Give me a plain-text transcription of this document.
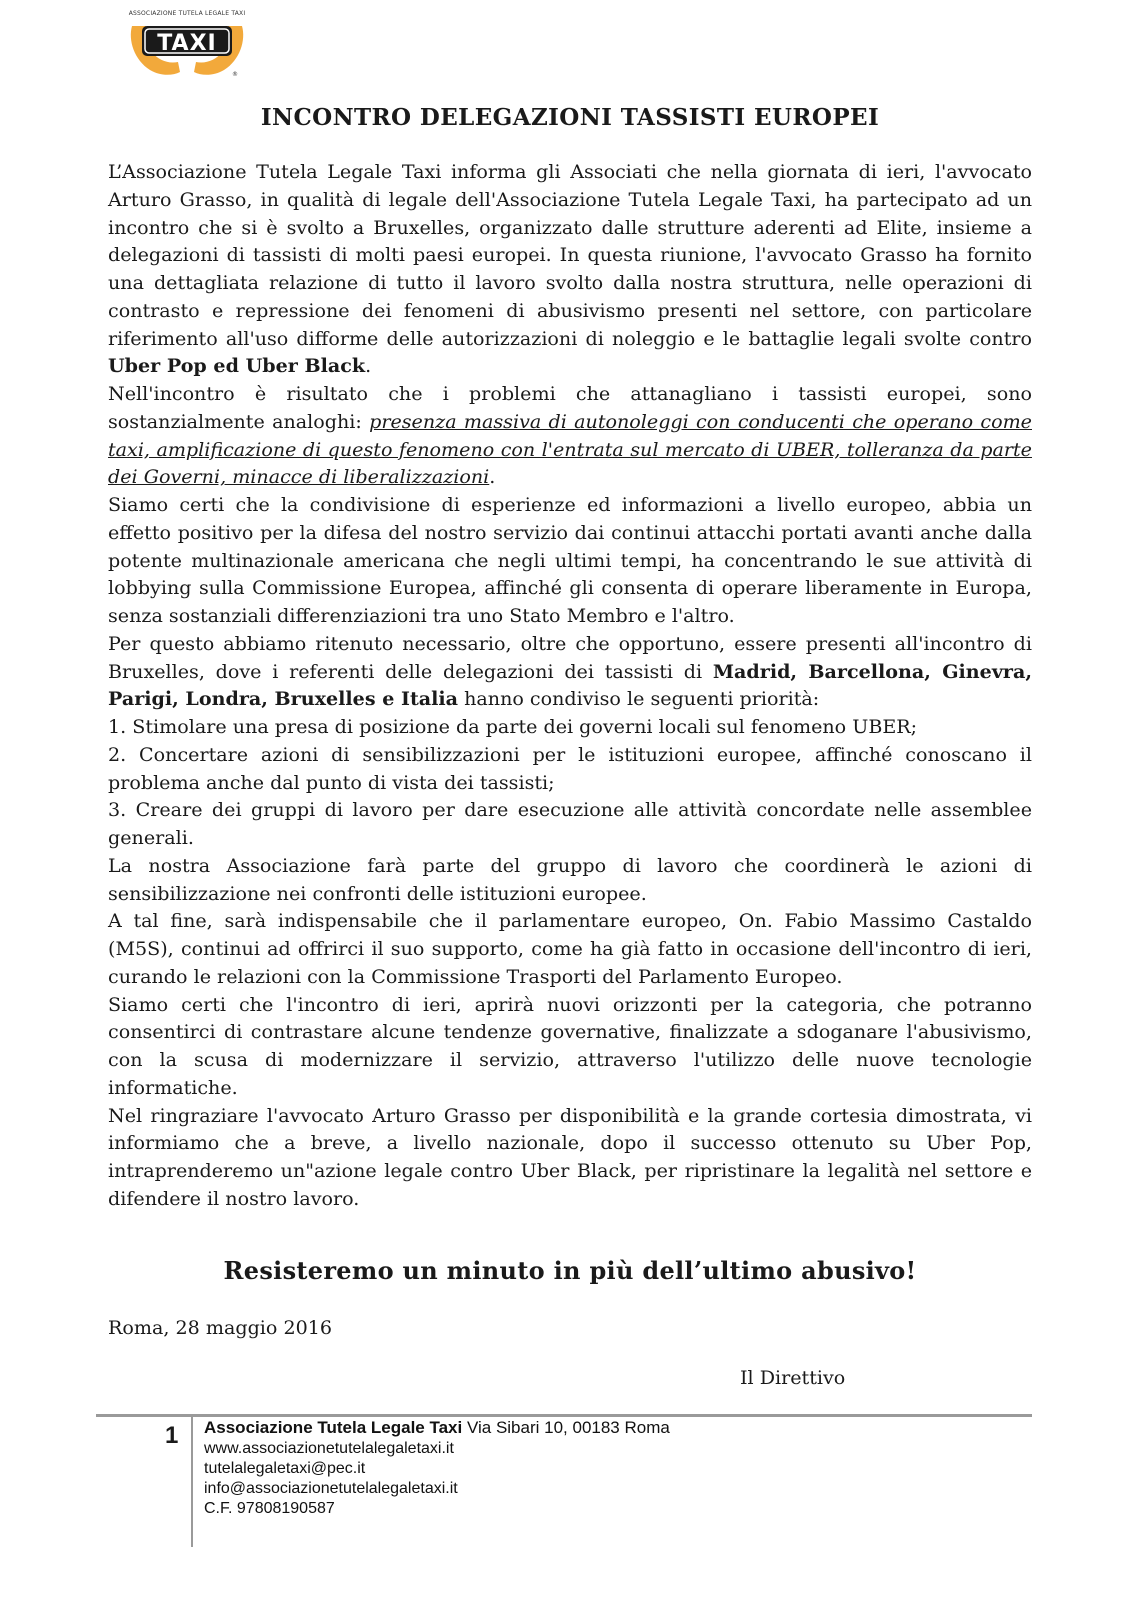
ASSOCIAZIONE TUTELA LEGALE TAXI
TAXI
®
INCONTRO DELEGAZIONI TASSISTI EUROPEI

L’Associazione Tutela Legale Taxi informa gli Associati che nella giornata di ieri, l'avvocato Arturo Grasso, in qualità di legale dell'Associazione Tutela Legale Taxi, ha partecipato ad un incontro che si è svolto a Bruxelles, organizzato dalle strutture aderenti ad Elite, insieme a delegazioni di tassisti di molti paesi europei. In questa riunione, l'avvocato Grasso ha fornito una dettagliata relazione di tutto il lavoro svolto dalla nostra struttura, nelle operazioni di contrasto e repressione dei fenomeni di abusivismo presenti nel settore, con particolare riferimento all'uso difforme delle autorizzazioni di noleggio e le battaglie legali svolte contro Uber Pop ed Uber Black.

Nell'incontro è risultato che i problemi che attanagliano i tassisti europei, sono sostanzialmente analoghi: presenza massiva di autonoleggi con conducenti che operano come taxi, amplificazione di questo fenomeno con l'entrata sul mercato di UBER, tolleranza da parte dei Governi, minacce di liberalizzazioni.

Siamo certi che la condivisione di esperienze ed informazioni a livello europeo, abbia un effetto positivo per la difesa del nostro servizio dai continui attacchi portati avanti anche dalla potente multinazionale americana che negli ultimi tempi, ha concentrando le sue attività di lobbying sulla Commissione Europea, affinché gli consenta di operare liberamente in Europa, senza sostanziali differenziazioni tra uno Stato Membro e l'altro.

Per questo abbiamo ritenuto necessario, oltre che opportuno, essere presenti all'incontro di Bruxelles, dove i referenti delle delegazioni dei tassisti di Madrid, Barcellona, Ginevra, Parigi, Londra, Bruxelles e Italia hanno condiviso le seguenti priorità:

1. Stimolare una presa di posizione da parte dei governi locali sul fenomeno UBER;

2. Concertare azioni di sensibilizzazioni per le istituzioni europee, affinché conoscano il problema anche dal punto di vista dei tassisti;

3. Creare dei gruppi di lavoro per dare esecuzione alle attività concordate nelle assemblee generali.

La nostra Associazione farà parte del gruppo di lavoro che coordinerà le azioni di sensibilizzazione nei confronti delle istituzioni europee.

A tal fine, sarà indispensabile che il parlamentare europeo, On. Fabio Massimo Castaldo (M5S), continui ad offrirci il suo supporto, come ha già fatto in occasione dell'incontro di ieri, curando le relazioni con la Commissione Trasporti del Parlamento Europeo.

Siamo certi che l'incontro di ieri, aprirà nuovi orizzonti per la categoria, che potranno consentirci di contrastare alcune tendenze governative, finalizzate a sdoganare l'abusivismo, con la scusa di modernizzare il servizio, attraverso l'utilizzo delle nuove tecnologie informatiche.

Nel ringraziare l'avvocato Arturo Grasso per disponibilità e la grande cortesia dimostrata, vi informiamo che a breve, a livello nazionale, dopo il successo ottenuto su Uber Pop, intraprenderemo un"azione legale contro Uber Black, per ripristinare la legalità nel settore e difendere il nostro lavoro.

Resisteremo un minuto in più dell’ultimo abusivo!
Roma, 28 maggio 2016
Il Direttivo
1 Associazione Tutela Legale Taxi Via Sibari 10, 00183 Roma
www.associazionetutelalegaletaxi.it
tutelalegaletaxi@pec.it
info@associazionetutelalegaletaxi.it
C.F. 97808190587
